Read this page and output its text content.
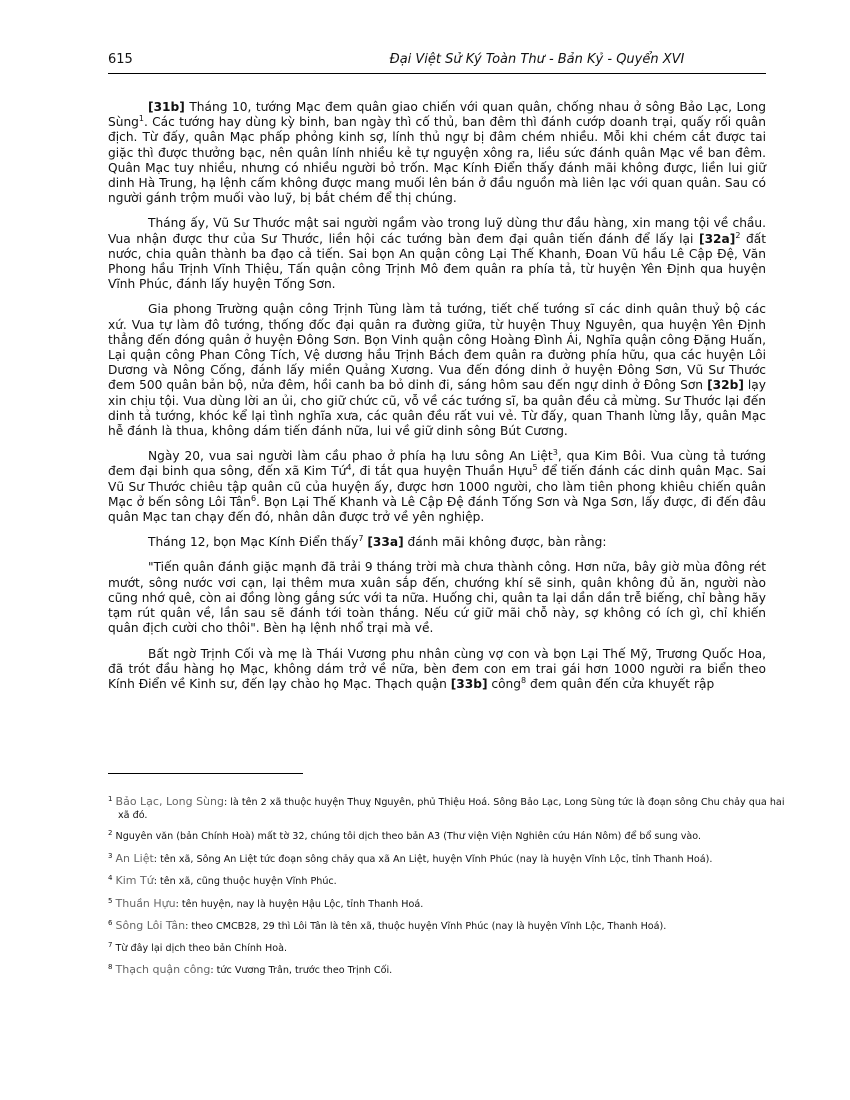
615	Đại Việt Sử Ký Toàn Thư - Bản Kỷ - Quyển XVI

[31b] Tháng 10, tướng Mạc đem quân giao chiến với quan quân, chống nhau ở sông Bảo Lạc, Long Sùng$^1$. Các tướng hay dùng kỳ binh, ban ngày thì cố thủ, ban đêm thì đánh cướp doanh trại, quấy rối quân địch. Từ đấy, quân Mạc phấp phỏng kinh sợ, lính thủ ngự bị đâm chém nhiều. Mỗi khi chém cắt được tai giặc thì được thưởng bạc, nên quân lính nhiều kẻ tự nguyện xông ra, liều sức đánh quân Mạc về ban đêm. Quân Mạc tuy nhiều, nhưng có nhiều người bỏ trốn. Mạc Kính Điển thấy đánh mãi không được, liền lui giữ dinh Hà Trung, hạ lệnh cấm không được mang muối lên bán ở đầu nguồn mà liên lạc với quan quân. Sau có người gánh trộm muối vào luỹ, bị bắt chém để thị chúng.

Tháng ấy, Vũ Sư Thước mật sai người ngầm vào trong luỹ dùng thư đầu hàng, xin mang tội về chầu. Vua nhận được thư của Sư Thước, liền hội các tướng bàn đem đại quân tiến đánh để lấy lại $[32a]^2$ đất nước, chia quân thành ba đạo cả tiến. Sai bọn An quận công Lại Thế Khanh, Đoan Vũ hầu Lê Cập Đệ, Văn Phong hầu Trịnh Vĩnh Thiệu, Tấn quận công Trịnh Mô đem quân ra phía tả, từ huyện Yên Định qua huyện Vĩnh Phúc, đánh lấy huyện Tống Sơn.

Gia phong Trường quận công Trịnh Tùng làm tả tướng, tiết chế tướng sĩ các dinh quân thuỷ bộ các xứ. Vua tự làm đô tướng, thống đốc đại quân ra đường giữa, từ huyện Thuỵ Nguyên, qua huyện Yên Định thẳng đến đóng quân ở huyện Đông Sơn. Bọn Vinh quận công Hoàng Đình Ái, Nghĩa quận công Đặng Huấn, Lại quận công Phan Công Tích, Vệ dương hầu Trịnh Bách đem quân ra đường phía hữu, qua các huyện Lôi Dương và Nông Cống, đánh lấy miền Quảng Xương. Vua đến đóng dinh ở huyện Đông Sơn, Vũ Sư Thước đem 500 quân bản bộ, nửa đêm, hồi canh ba bỏ dinh đi, sáng hôm sau đến ngự dinh ở Đông Sơn [32b] lạy xin chịu tội. Vua dùng lời an ủi, cho giữ chức cũ, vỗ về các tướng sĩ, ba quân đều cả mừng. Sư Thước lại đến dinh tả tướng, khóc kể lại tình nghĩa xưa, các quân đều rất vui vẻ. Từ đấy, quan Thanh lừng lẫy, quân Mạc hễ đánh là thua, không dám tiến đánh nữa, lui về giữ dinh sông Bút Cương.

Ngày 20, vua sai người làm cầu phao ở phía hạ lưu sông An Liệt$^3$, qua Kim Bôi. Vua cùng tả tướng đem đại binh qua sông, đến xã Kim Tứ$^4$, đi tắt qua huyện Thuần Hựu$^5$ để tiến đánh các dinh quân Mạc. Sai Vũ Sư Thước chiêu tập quân cũ của huyện ấy, được hơn 1000 người, cho làm tiên phong khiêu chiến quân Mạc ở bến sông Lôi Tân$^6$. Bọn Lại Thế Khanh và Lê Cập Đệ đánh Tống Sơn và Nga Sơn, lấy được, đi đến đâu quân Mạc tan chạy đến đó, nhân dân được trở về yên nghiệp.

Tháng 12, bọn Mạc Kính Điển thấy$^7$ [33a] đánh mãi không được, bàn rằng:

"Tiến quân đánh giặc mạnh đã trải 9 tháng trời mà chưa thành công. Hơn nữa, bây giờ mùa đông rét mướt, sông nước vơi cạn, lại thêm mưa xuân sắp đến, chướng khí sẽ sinh, quân không đủ ăn, người nào cũng nhớ quê, còn ai đồng lòng gắng sức với ta nữa. Huống chi, quân ta lại dần dần trễ biếng, chỉ bằng hãy tạm rút quân về, lần sau sẽ đánh tới toàn thắng. Nếu cứ giữ mãi chỗ này, sợ không có ích gì, chỉ khiến quân địch cười cho thôi". Bèn hạ lệnh nhổ trại mà về.

Bất ngờ Trịnh Cối và mẹ là Thái Vương phu nhân cùng vợ con và bọn Lại Thế Mỹ, Trương Quốc Hoa, đã trót đầu hàng họ Mạc, không dám trở về nữa, bèn đem con em trai gái hơn 1000 người ra biển theo Kính Điển về Kinh sư, đến lạy chào họ Mạc. Thạch quận [33b] công$^8$ đem quân đến cửa khuyết rập

$^1$ Bảo Lạc, Long Sùng: là tên 2 xã thuộc huyện Thuỵ Nguyên, phủ Thiệu Hoá. Sông Bảo Lạc, Long Sùng tức là đoạn sông Chu chảy qua hai xã đó.
$^2$ Nguyên văn (bản Chính Hoà) mất tờ 32, chúng tôi dịch theo bản A3 (Thư viện Viện Nghiên cứu Hán Nôm) để bổ sung vào.
$^3$ An Liệt: tên xã, Sông An Liệt tức đoạn sông chảy qua xã An Liệt, huyện Vĩnh Phúc (nay là huyện Vĩnh Lộc, tỉnh Thanh Hoá).
$^4$ Kim Tứ: tên xã, cũng thuộc huyện Vĩnh Phúc.
$^5$ Thuần Hựu: tên huyện, nay là huyện Hậu Lộc, tỉnh Thanh Hoá.
$^6$ Sông Lôi Tân: theo CMCB28, 29 thì Lôi Tân là tên xã, thuộc huyện Vĩnh Phúc (nay là huyện Vĩnh Lộc, Thanh Hoá).
$^7$ Từ đây lại dịch theo bản Chính Hoà.
$^8$ Thạch quận công: tức Vương Trân, trước theo Trịnh Cối.
